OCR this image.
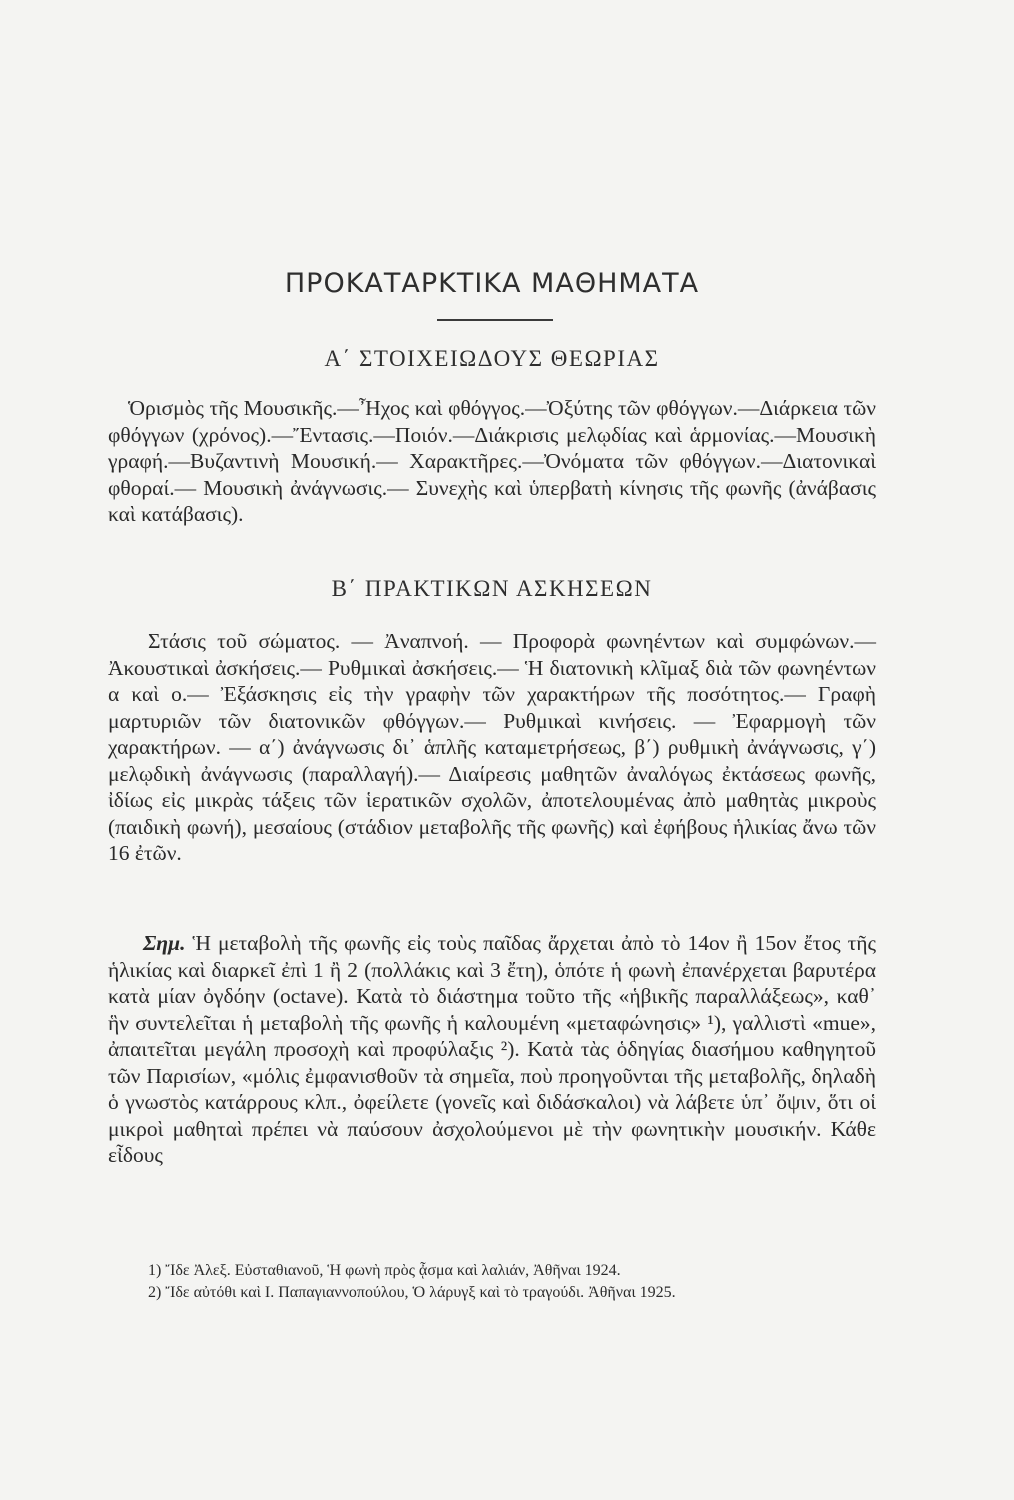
ΠΡΟΚΑΤΑΡΚΤΙΚΑ ΜΑΘΗΜΑΤΑ
Α΄ ΣΤΟΙΧΕΙΩΔΟΥΣ ΘΕΩΡΙΑΣ
Ὁρισμὸς τῆς Μουσικῆς.—Ἦχος καὶ φθόγγος.—Ὀξύτης τῶν φθόγγων.—Διάρκεια τῶν φθόγγων (χρόνος).—Ἔντασις.—Ποιόν.—Διάκρισις μελῳδίας καὶ ἁρμονίας.—Μουσικὴ γραφή.—Βυζαντινὴ Μουσική.— Χαρακτῆρες.—Ὀνόματα τῶν φθόγγων.—Διατονικαὶ φθοραί.— Μουσικὴ ἀνάγνωσις.— Συνεχὴς καὶ ὑπερβατὴ κίνησις τῆς φωνῆς (ἀνάβασις καὶ κατάβασις).
Β΄ ΠΡΑΚΤΙΚΩΝ ΑΣΚΗΣΕΩΝ
Στάσις τοῦ σώματος. — Ἀναπνοή. — Προφορὰ φωνηέντων καὶ συμφώνων.— Ἀκουστικαὶ ἀσκήσεις.— Ρυθμικαὶ ἀσκήσεις.— Ἡ διατονικὴ κλῖμαξ διὰ τῶν φωνηέντων α καὶ ο.— Ἐξάσκησις εἰς τὴν γραφὴν τῶν χαρακτήρων τῆς ποσότητος.— Γραφὴ μαρτυριῶν τῶν διατονικῶν φθόγγων.— Ρυθμικαὶ κινήσεις. — Ἐφαρμογὴ τῶν χαρακτήρων. — α΄) ἀνάγνωσις δι᾿ ἁπλῆς καταμετρήσεως, β΄) ρυθμικὴ ἀνάγνωσις, γ΄) μελῳδικὴ ἀνάγνωσις (παραλλαγή).— Διαίρεσις μαθητῶν ἀναλόγως ἐκτάσεως φωνῆς, ἰδίως εἰς μικρὰς τάξεις τῶν ἱερατικῶν σχολῶν, ἀποτελουμένας ἀπὸ μαθητὰς μικροὺς (παιδικὴ φωνή), μεσαίους (στάδιον μεταβολῆς τῆς φωνῆς) καὶ ἐφήβους ἡλικίας ἄνω τῶν 16 ἐτῶν.
Σημ. Ἡ μεταβολὴ τῆς φωνῆς εἰς τοὺς παῖδας ἄρχεται ἀπὸ τὸ 14ον ἢ 15ον ἔτος τῆς ἡλικίας καὶ διαρκεῖ ἐπὶ 1 ἢ 2 (πολλάκις καὶ 3 ἔτη), ὁπότε ἡ φωνὴ ἐπανέρχεται βαρυτέρα κατὰ μίαν ὀγδόην (octave). Κατὰ τὸ διάστημα τοῦτο τῆς «ἡβικῆς παραλλάξεως», καθ᾿ ἣν συντελεῖται ἡ μεταβολὴ τῆς φωνῆς ἡ καλουμένη «μεταφώνησις» ¹), γαλλιστὶ «mue», ἀπαιτεῖται μεγάλη προσοχὴ καὶ προφύλαξις ²). Κατὰ τὰς ὁδηγίας διασήμου καθηγητοῦ τῶν Παρισίων, «μόλις ἐμφανισθοῦν τὰ σημεῖα, ποὺ προηγοῦνται τῆς μεταβολῆς, δηλαδὴ ὁ γνωστὸς κατάρρους κλπ., ὀφείλετε (γονεῖς καὶ διδάσκαλοι) νὰ λάβετε ὑπ᾿ ὄψιν, ὅτι οἱ μικροὶ μαθηταὶ πρέπει νὰ παύσουν ἀσχολούμενοι μὲ τὴν φωνητικὴν μουσικήν. Κάθε εἶδους
1) Ἴδε Ἀλεξ. Εὐσταθιανοῦ, Ἡ φωνὴ πρὸς ᾆσμα καὶ λαλιάν, Ἀθῆναι 1924.
2) Ἴδε αὐτόθι καὶ Ι. Παπαγιαννοπούλου, Ὁ λάρυγξ καὶ τὸ τραγούδι. Ἀθῆναι 1925.
